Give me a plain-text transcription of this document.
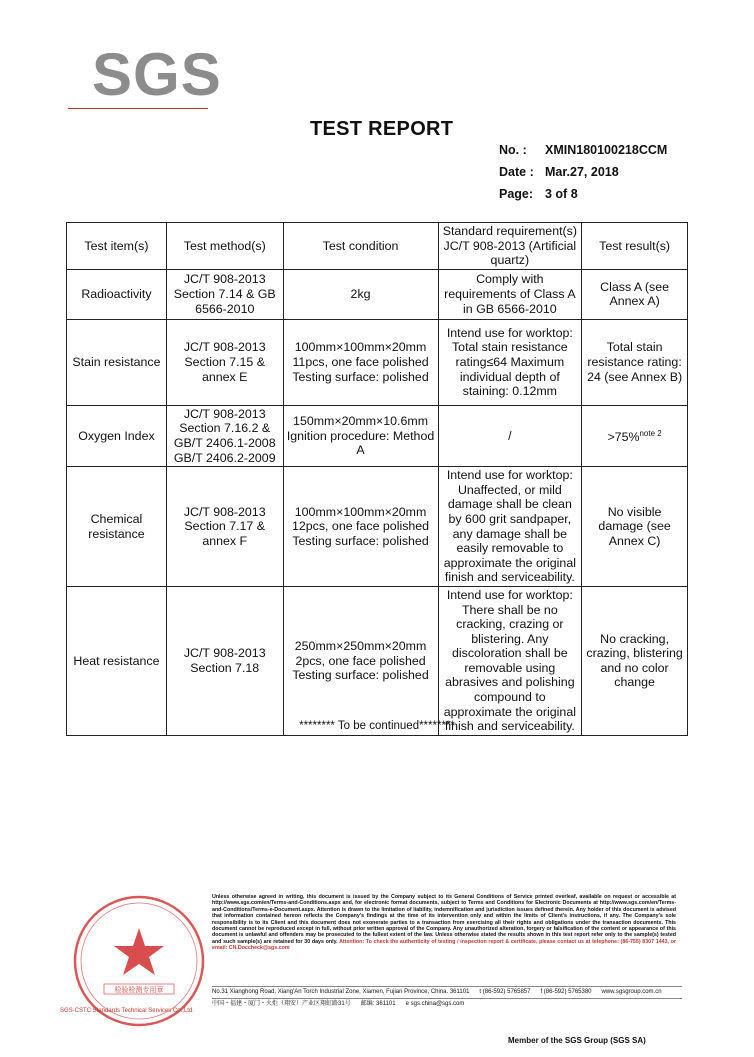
SGS
TEST REPORT
No. :	XMIN180100218CCM
Date : Mar.27, 2018
Page: 3 of 8
Test item(s)	Test method(s)	Test condition	Standard requirement(s) JC/T 908-2013 (Artificial quartz)	Test result(s)
Radioactivity	JC/T 908-2013 Section 7.14 & GB 6566-2010	2kg	Comply with requirements of Class A in GB 6566-2010	Class A (see Annex A)
Stain resistance	JC/T 908-2013 Section 7.15 & annex E	100mm×100mm×20mm 11pcs, one face polished Testing surface: polished	Intend use for worktop: Total stain resistance rating≤64 Maximum individual depth of staining: 0.12mm	Total stain resistance rating: 24 (see Annex B)
Oxygen Index	JC/T 908-2013 Section 7.16.2 & GB/T 2406.1-2008 GB/T 2406.2-2009	150mm×20mm×10.6mm Ignition procedure: Method A	/	>75%$^{note 2}$
Chemical resistance	JC/T 908-2013 Section 7.17 & annex F	100mm×100mm×20mm 12pcs, one face polished Testing surface: polished	Intend use for worktop: Unaffected, or mild damage shall be clean by 600 grit sandpaper, any damage shall be easily removable to approximate the original finish and serviceability.	No visible damage (see Annex C)
Heat resistance	JC/T 908-2013 Section 7.18	250mm×250mm×20mm 2pcs, one face polished Testing surface: polished	Intend use for worktop: There shall be no cracking, crazing or blistering. Any discoloration shall be removable using abrasives and polishing compound to approximate the original finish and serviceability.	No cracking, crazing, blistering and no color change
******** To be continued********
检验检测专用章
SGS-CSTC Standards Technical Services Co.,Ltd.
Unless otherwise agreed in writing, this document is issued by the Company subject to its General Conditions of Service printed overleaf, available on request or accessible at http://www.sgs.com/en/Terms-and-Conditions.aspx and, for electronic format documents, subject to Terms and Conditions for Electronic Documents at http://www.sgs.com/en/Terms-and-Conditions/Terms-e-Document.aspx. Attention is drawn to the limitation of liability, indemnification and jurisdiction issues defined therein. Any holder of this document is advised that information contained hereon reflects the Company's findings at the time of its intervention only and within the limits of Client's instructions, if any. The Company's sole responsibility is to its Client and this document does not exonerate parties to a transaction from exercising all their rights and obligations under the transaction documents. This document cannot be reproduced except in full, without prior written approval of the Company. Any unauthorized alteration, forgery or falsification of the content or appearance of this document is unlawful and offenders may be prosecuted to the fullest extent of the law. Unless otherwise stated the results shown in this test report refer only to the sample(s) tested and such sample(s) are retained for 30 days only. Attention: To check the authenticity of testing / inspection report & certificate, please contact us at telephone: (86-755) 8307 1443, or email: CN.Doccheck@sgs.com
No.31 Xianghong Road, Xiang'An Torch Industrial Zone, Xiamen, Fujian Province, China. 361101 t (86-592) 5765857 f (86-592) 5765380 www.sgsgroup.com.cn
中国・福建・厦门・火炬（翔安）产业区翔虹路31号 邮编: 361101 e sgs.china@sgs.com
Member of the SGS Group (SGS SA)
